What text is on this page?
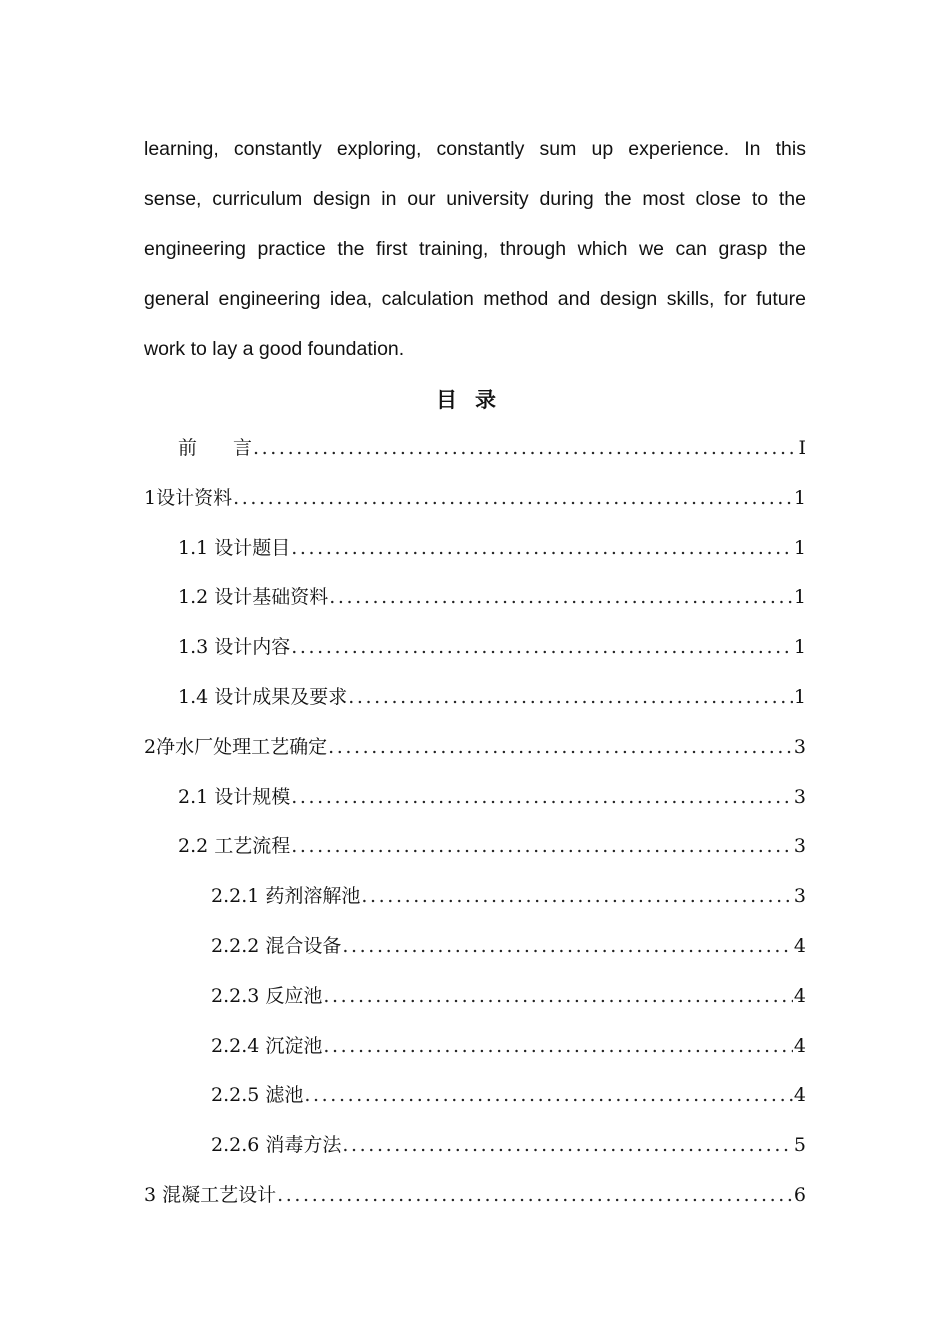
learning, constantly exploring, constantly sum up experience. In this
sense, curriculum design in our university during the most close to the
engineering practice the first training, through which we can grasp the
general engineering idea, calculation method and design skills, for future
work to lay a good foundation.
目录
前言 .....	I
1设计资料 .....	1
1.1 设计题目 .....	1
1.2 设计基础资料 .....	1
1.3 设计内容 .....	1
1.4 设计成果及要求 .....	1
2净水厂处理工艺确定 .....	3
2.1 设计规模 .....	3
2.2 工艺流程 .....	3
2.2.1 药剂溶解池 .....	3
2.2.2 混合设备 .....	4
2.2.3 反应池 .....	4
2.2.4 沉淀池 .....	4
2.2.5 滤池 .....	4
2.2.6 消毒方法 .....	5
3 混凝工艺设计 .....	6
